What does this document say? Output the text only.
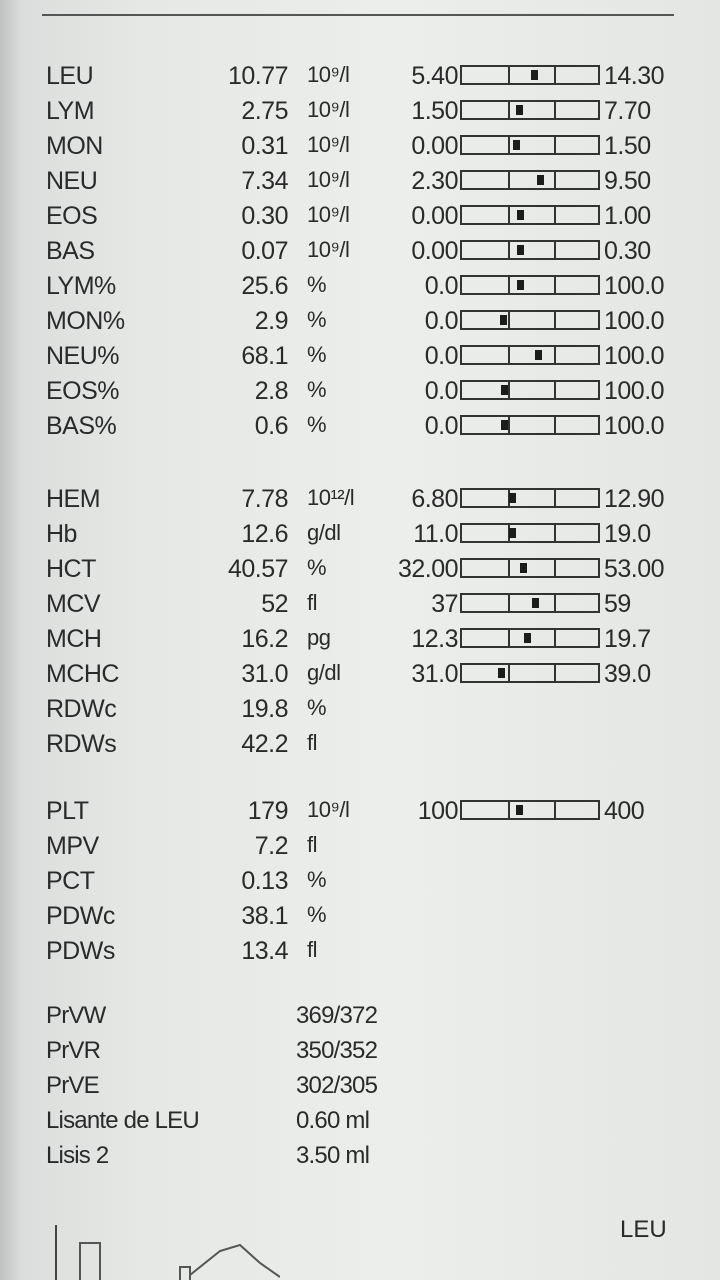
LEU	10.77 10⁹/l 5.40	14.30
LYM	2.75 10⁹/l 1.50	7.70
MON	0.31 10⁹/l 0.00	1.50
NEU	7.34 10⁹/l 2.30	9.50
EOS	0.30 10⁹/l 0.00	1.00
BAS	0.07 10⁹/l 0.00	0.30
LYM%	25.6 %	0.0	100.0
MON%	2.9 %	0.0	100.0
NEU%	68.1 %	0.0	100.0
EOS%	2.8 %	0.0	100.0
BAS%	0.6 %	0.0	100.0
HEM	7.78 10¹²/l 6.80	12.90
Hb	12.6 g/dl	11.0	19.0
HCT	40.57 %	32.00	53.00
MCV	52 fl	37	59
MCH	16.2 pg	12.3	19.7
MCHC	31.0 g/dl	31.0	39.0
RDWc	19.8 %
RDWs	42.2 fl
PLT	179 10⁹/l	100	400
MPV	7.2 fl
PCT	0.13 %
PDWc	38.1 %
PDWs	13.4 fl
PrVW	369/372
PrVR	350/352
PrVE	302/305
Lisante de LEU	0.60 ml
Lisis 2	3.50 ml
LEU
